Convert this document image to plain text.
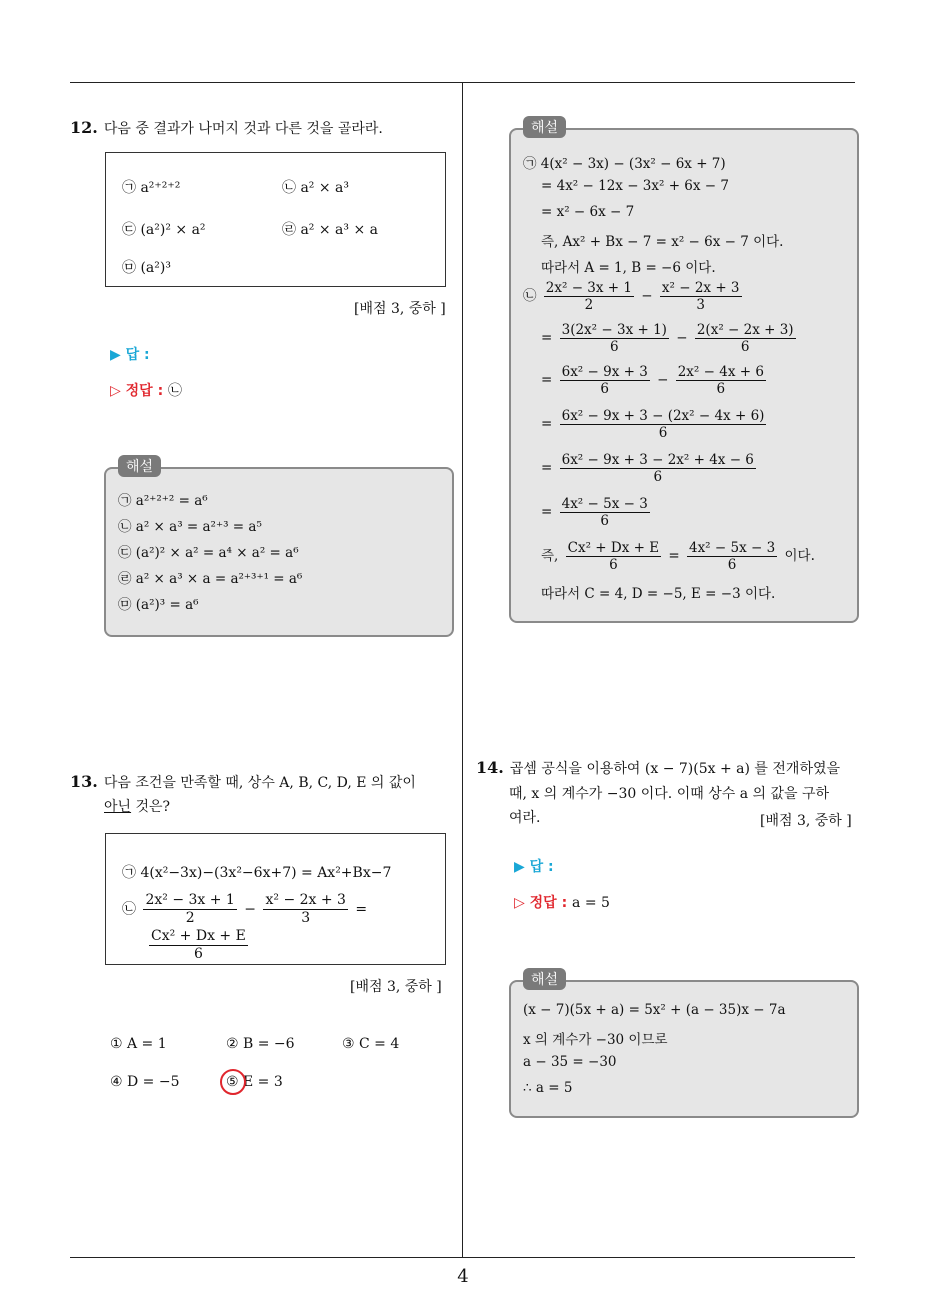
12. 다음 중 결과가 나머지 것과 다른 것을 골라라.
㉠ a²⁺²⁺²	㉡ a² × a³
㉢ (a²)² × a²	㉣ a² × a³ × a
㉤ (a²)³
[배점 3, 중하 ]
▶ 답 :
▷ 정답 : ㉡
㉠ a²⁺²⁺² = a⁶
㉡ a² × a³ = a²⁺³ = a⁵
㉢ (a²)² × a² = a⁴ × a² = a⁶
㉣ a² × a³ × a = a²⁺³⁺¹ = a⁶
㉤ (a²)³ = a⁶
해설
㉠ 4(x² − 3x) − (3x² − 6x + 7)
= 4x² − 12x − 3x² + 6x − 7
= x² − 6x − 7
즉, Ax² + Bx − 7 = x² − 6x − 7 이다.
따라서 A = 1, B = −6 이다.
㉡ $\frac{\text{2x² − 3x + 1}}{2} - \frac{\text{x² − 2x + 3}}{3}$
= $\frac{\text{3(2x² − 3x + 1)}}{6} - \frac{\text{2(x² − 2x + 3)}}{6}$
= $\frac{\text{6x² − 9x + 3}}{6} - \frac{\text{2x² − 4x + 6}}{6}$
= $\frac{\text{6x² − 9x + 3 − (2x² − 4x + 6)}}{6}$
= $\frac{\text{6x² − 9x + 3 − 2x² + 4x − 6}}{6}$
= $\frac{\text{4x² − 5x − 3}}{6}$
즉, $\frac{\text{Cx² + Dx + E}}{6} = \frac{\text{4x² − 5x − 3}}{6}$ 이다.
따라서 C = 4, D = −5, E = −3 이다.
해설
13. 다음 조건을 만족할 때, 상수 A, B, C, D, E 의 값이
아닌 것은?
㉠ 4(x²−3x)−(3x²−6x+7) = Ax²+Bx−7
㉡ $\frac{\text{2x² − 3x + 1}}{2} - \frac{\text{x² − 2x + 3}}{3}$ =
$\frac{\text{Cx² + Dx + E}}{6}$
[배점 3, 중하 ]
① A = 1	② B = −6	③ C = 4
④ D = −5	⑤ E = 3
14. 곱셈 공식을 이용하여 (x − 7)(5x + a) 를 전개하였을
때, x 의 계수가 −30 이다. 이때 상수 a 의 값을 구하
여라.	[배점 3, 중하 ]
▶ 답 :
▷ 정답 : a = 5
(x − 7)(5x + a) = 5x² + (a − 35)x − 7a
x 의 계수가 −30 이므로
a − 35 = −30
∴ a = 5
해설
4
